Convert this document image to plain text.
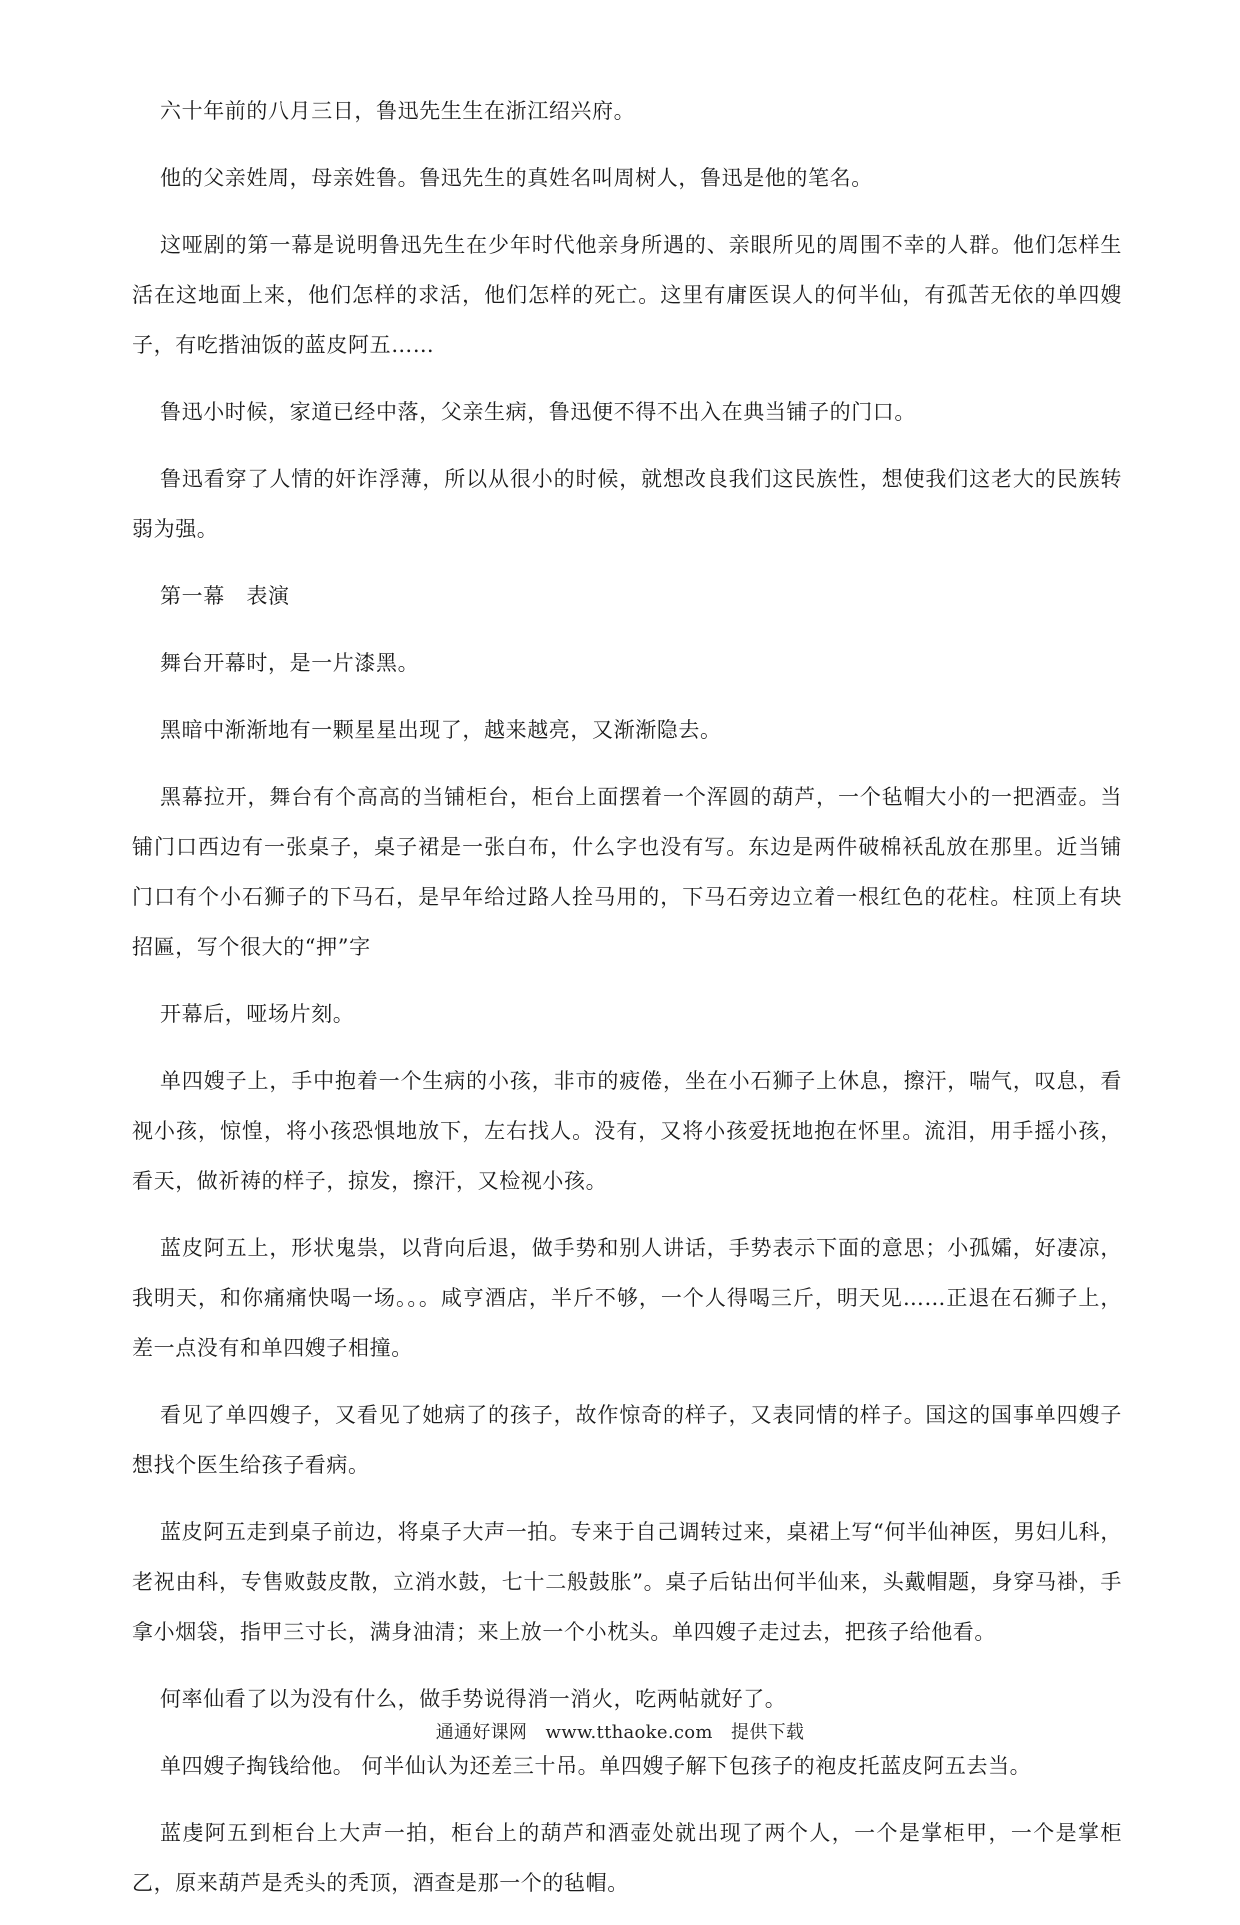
六十年前的八月三日，鲁迅先生生在浙江绍兴府。

他的父亲姓周，母亲姓鲁。鲁迅先生的真姓名叫周树人，鲁迅是他的笔名。

这哑剧的第一幕是说明鲁迅先生在少年时代他亲身所遇的、亲眼所见的周围不幸的人群。他们怎样生活在这地面上来，他们怎样的求活，他们怎样的死亡。这里有庸医误人的何半仙，有孤苦无依的单四嫂子，有吃揩油饭的蓝皮阿五……

鲁迅小时候，家道已经中落，父亲生病，鲁迅便不得不出入在典当铺子的门口。

鲁迅看穿了人情的奸诈浮薄，所以从很小的时候，就想改良我们这民族性，想使我们这老大的民族转弱为强。

第一幕　表演

舞台开幕时，是一片漆黑。

黑暗中渐渐地有一颗星星出现了，越来越亮，又渐渐隐去。

黑幕拉开，舞台有个高高的当铺柜台，柜台上面摆着一个浑圆的葫芦，一个毡帽大小的一把酒壶。当铺门口西边有一张桌子，桌子裙是一张白布，什么字也没有写。东边是两件破棉袄乱放在那里。近当铺门口有个小石狮子的下马石，是早年给过路人拴马用的，下马石旁边立着一根红色的花柱。柱顶上有块招匾，写个很大的“押”字

开幕后，哑场片刻。

单四嫂子上，手中抱着一个生病的小孩，非市的疲倦，坐在小石狮子上休息，擦汗，喘气，叹息，看视小孩，惊惶，将小孩恐惧地放下，左右找人。没有，又将小孩爱抚地抱在怀里。流泪，用手摇小孩，看天，做祈祷的样子，掠发，擦汗，又检视小孩。

蓝皮阿五上，形状鬼祟，以背向后退，做手势和别人讲话，手势表示下面的意思；小孤孀，好凄凉，我明天，和你痛痛快喝一场。。。咸亨酒店，半斤不够，一个人得喝三斤，明天见……正退在石狮子上，差一点没有和单四嫂子相撞。

看见了单四嫂子，又看见了她病了的孩子，故作惊奇的样子，又表同情的样子。国这的国事单四嫂子想找个医生给孩子看病。

蓝皮阿五走到桌子前边，将桌子大声一拍。专来于自己调转过来，桌裙上写“何半仙神医，男妇儿科，老祝由科，专售败鼓皮散，立消水鼓，七十二般鼓胀”。桌子后钻出何半仙来，头戴帽题，身穿马褂，手拿小烟袋，指甲三寸长，满身油清；来上放一个小枕头。单四嫂子走过去，把孩子给他看。

何率仙看了以为没有什么，做手势说得消一消火，吃两帖就好了。

单四嫂子掏钱给他。 何半仙认为还差三十吊。单四嫂子解下包孩子的袍皮托蓝皮阿五去当。

蓝虔阿五到柜台上大声一拍，柜台上的葫芦和酒壶处就出现了两个人，一个是掌柜甲，一个是掌柜乙，原来葫芦是秃头的秃顶，酒查是那一个的毡帽。

通通好课网　www.tthaoke.com　提供下载
